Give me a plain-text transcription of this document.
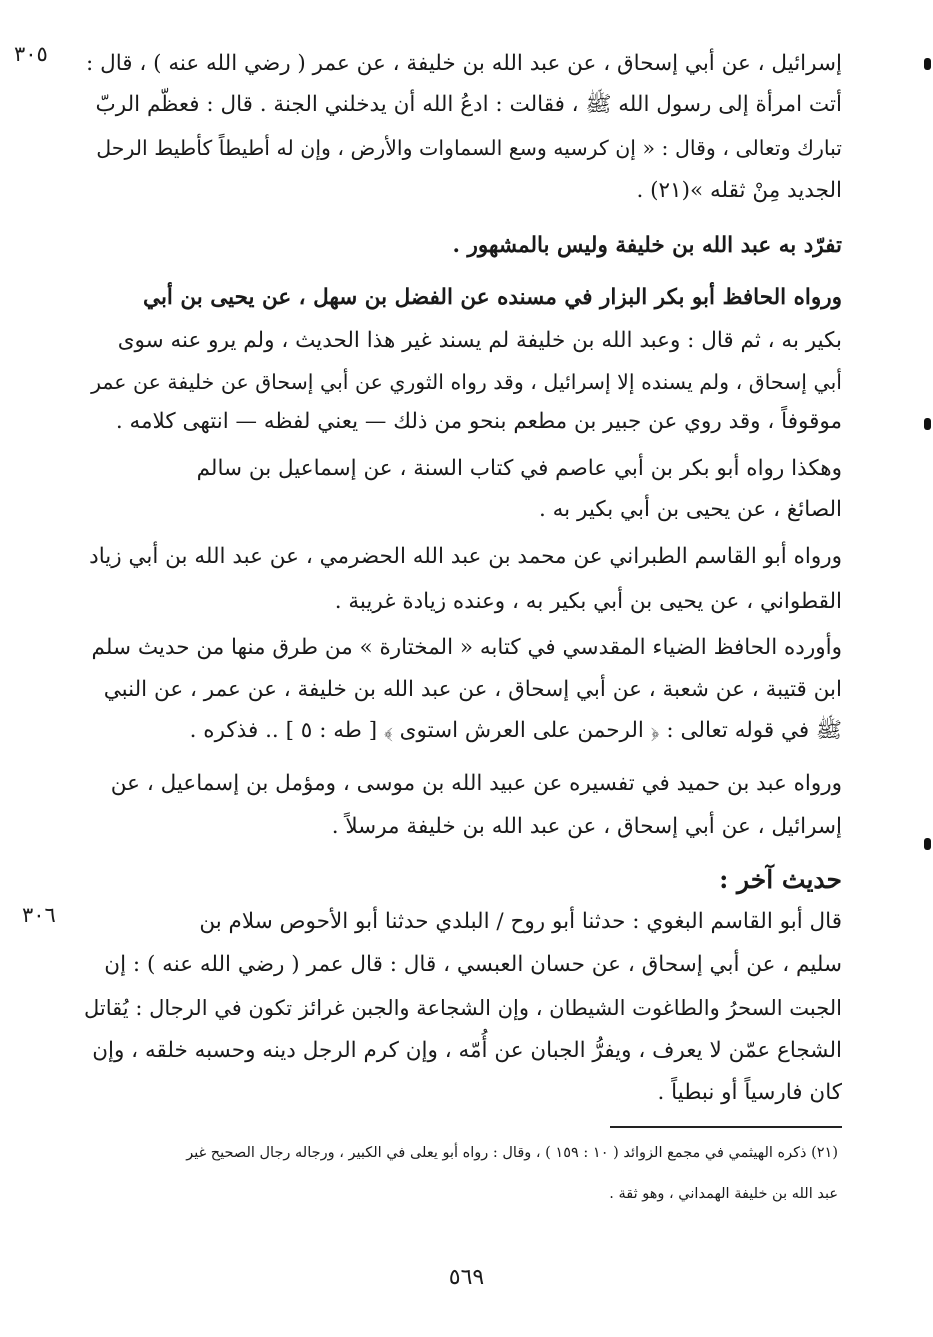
٣٠٥
٣٠٦
إسرائيل ، عن أبي إسحاق ، عن عبد الله بن خليفة ، عن عمر ( رضي الله عنه ) ، قال :
أتت امرأة إلى رسول الله ﷺ ، فقالت : ادعُ الله أن يدخلني الجنة . قال : فعظّم الربّ
تبارك وتعالى ، وقال : « إن كرسيه وسع السماوات والأرض ، وإن له أطيطاً كأطيط الرحل
الجديد مِنْ ثقله »(٢١) .
تفرّد به عبد الله بن خليفة وليس بالمشهور .
ورواه الحافظ أبو بكر البزار في مسنده عن الفضل بن سهل ، عن يحيى بن أبي
بكير به ، ثم قال : وعبد الله بن خليفة لم يسند غير هذا الحديث ، ولم يرو عنه سوى
أبي إسحاق ، ولم يسنده إلا إسرائيل ، وقد رواه الثوري عن أبي إسحاق عن خليفة عن عمر
موقوفاً ، وقد روي عن جبير بن مطعم بنحو من ذلك — يعني لفظه — انتهى كلامه .
وهكذا رواه أبو بكر بن أبي عاصم في كتاب السنة ، عن إسماعيل بن سالم
الصائغ ، عن يحيى بن أبي بكير به .
ورواه أبو القاسم الطبراني عن محمد بن عبد الله الحضرمي ، عن عبد الله بن أبي زياد
القطواني ، عن يحيى بن أبي بكير به ، وعنده زيادة غريبة .
وأورده الحافظ الضياء المقدسي في كتابه « المختارة » من طرق منها من حديث سلم
ابن قتيبة ، عن شعبة ، عن أبي إسحاق ، عن عبد الله بن خليفة ، عن عمر ، عن النبي
ﷺ في قوله تعالى : ﴿ الرحمن على العرش استوى ﴾ [ طه : ٥ ] .. فذكره .
ورواه عبد بن حميد في تفسيره عن عبيد الله بن موسى ، ومؤمل بن إسماعيل ، عن
إسرائيل ، عن أبي إسحاق ، عن عبد الله بن خليفة مرسلاً .
حديث آخر :
قال أبو القاسم البغوي : حدثنا أبو روح / البلدي حدثنا أبو الأحوص سلام بن
سليم ، عن أبي إسحاق ، عن حسان العبسي ، قال : قال عمر ( رضي الله عنه ) : إن
الجبت السحرُ والطاغوت الشيطان ، وإن الشجاعة والجبن غرائز تكون في الرجال : يُقاتل
الشجاع عمّن لا يعرف ، ويفرُّ الجبان عن أُمّه ، وإن كرم الرجل دينه وحسبه خلقه ، وإن
كان فارسياً أو نبطياً .
(٢١) ذكره الهيثمي في مجمع الزوائد ( ١٠ : ١٥٩ ) ، وقال : رواه أبو يعلى في الكبير ، ورجاله رجال الصحيح غير
عبد الله بن خليفة الهمداني ، وهو ثقة .
٥٦٩
